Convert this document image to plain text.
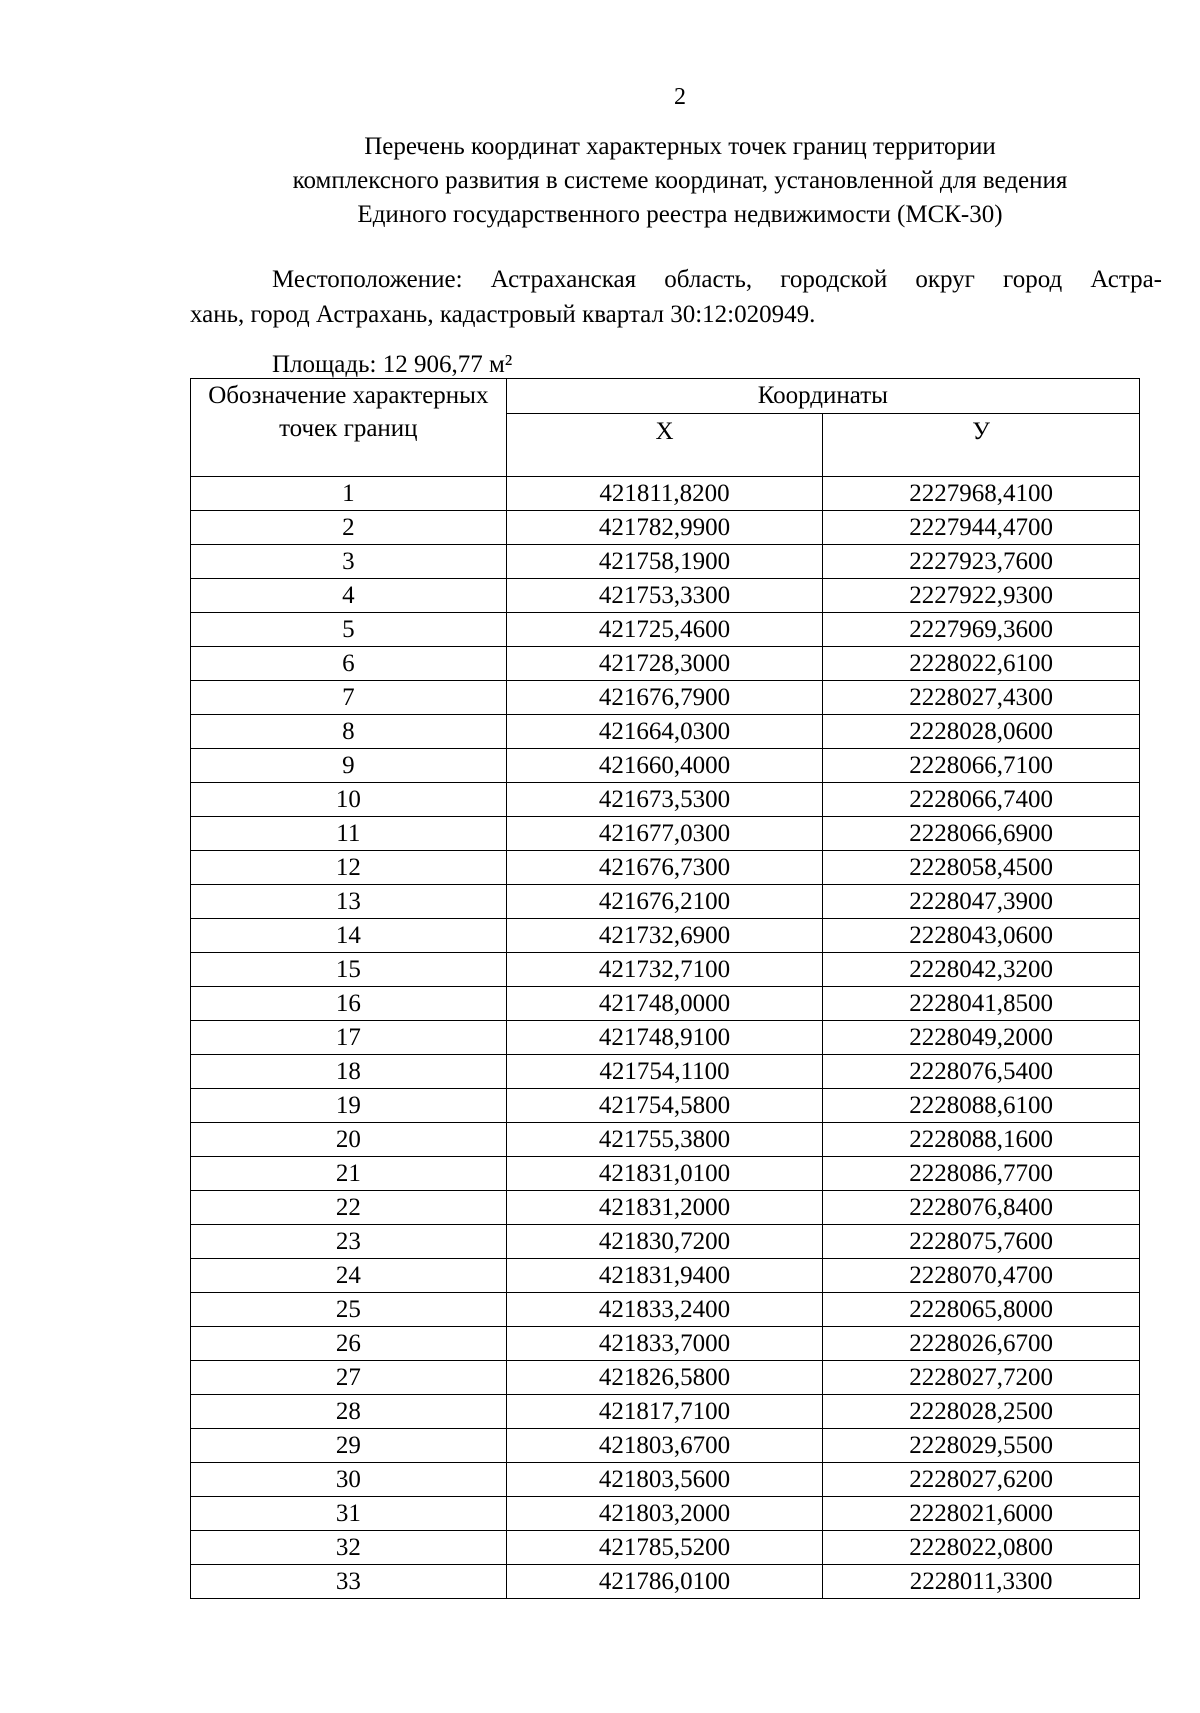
2
Перечень координат характерных точек границ территории
комплексного развития в системе координат, установленной для ведения
Единого государственного реестра недвижимости (МСК-30)
Местоположение: Астраханская область, городской округ город Астра-
хань, город Астрахань, кадастровый квартал 30:12:020949.
Площадь: 12 906,77 м²
Обозначение характерных точек границ	Координаты	
	X	У
1	421811,8200	2227968,4100
2	421782,9900	2227944,4700
3	421758,1900	2227923,7600
4	421753,3300	2227922,9300
5	421725,4600	2227969,3600
6	421728,3000	2228022,6100
7	421676,7900	2228027,4300
8	421664,0300	2228028,0600
9	421660,4000	2228066,7100
10	421673,5300	2228066,7400
11	421677,0300	2228066,6900
12	421676,7300	2228058,4500
13	421676,2100	2228047,3900
14	421732,6900	2228043,0600
15	421732,7100	2228042,3200
16	421748,0000	2228041,8500
17	421748,9100	2228049,2000
18	421754,1100	2228076,5400
19	421754,5800	2228088,6100
20	421755,3800	2228088,1600
21	421831,0100	2228086,7700
22	421831,2000	2228076,8400
23	421830,7200	2228075,7600
24	421831,9400	2228070,4700
25	421833,2400	2228065,8000
26	421833,7000	2228026,6700
27	421826,5800	2228027,7200
28	421817,7100	2228028,2500
29	421803,6700	2228029,5500
30	421803,5600	2228027,6200
31	421803,2000	2228021,6000
32	421785,5200	2228022,0800
33	421786,0100	2228011,3300
